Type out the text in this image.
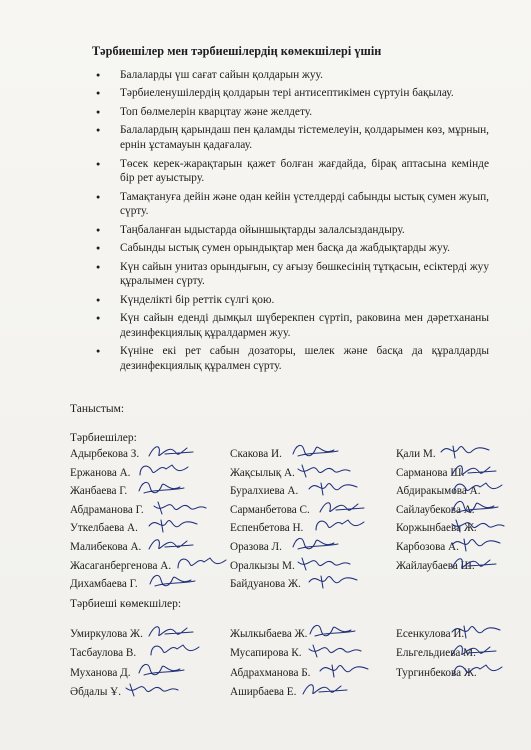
Тәрбиешілер мен тәрбиешілердің көмекшілері үшін
● Балаларды үш сағат сайын қолдарын жуу.
● Тәрбиеленушілердің қолдарын тері антисептикімен сүртуін бақылау.
● Топ бөлмелерін кварцтау және желдету.
● Балалардың қарындаш пен қаламды тістемелеуін, қолдарымен көз, мұрнын, ернін ұстамауын қадағалау.
● Төсек керек-жарақтарын қажет болған жағдайда, бірақ аптасына кемінде бір рет ауыстыру.
● Тамақтануға дейін және одан кейін үстелдерді сабынды ыстық сумен жуып, сүрту.
● Таңбаланған ыдыстарда ойыншықтарды залалсыздандыру.
● Сабынды ыстық сумен орындықтар мен басқа да жабдықтарды жуу.
● Күн сайын унитаз орындығын, су ағызу бөшкесінің тұтқасын, есіктерді жуу құралымен сүрту.
● Күнделікті бір реттік сүлгі қою.
● Күн сайын еденді дымқыл шүберекпен сүртіп, раковина мен дәретхананы дезинфекциялық құралдармен жуу.
● Күніне екі рет сабын дозаторы, шелек және басқа да құралдарды дезинфекциялық құралмен сүрту.
Таныстым:
Тәрбиешілер:
Адырбекова З.	Скакова И.	Қали М.
Ержанова А.	Жақсылық А.	Сарманова Ш.
Жанбаева Г.	Буралхиева А.	Абдиракымова А.
Абдраманова Г.	Сарманбетова С.	Сайлаубекова А.
Уткелбаева А.	Еспенбетова Н.	Коржынбаева Ж.
Малибекова А.	Оразова Л.	Карбозова А.
Жасаганбергенова А.	Оралкызы М.	Жайлаубаева Ш.
Дихамбаева Г.	Байдуанова Ж.
Тәрбиеші көмекшілер:
Умиркулова Ж.	Жылкыбаева Ж.	Есенкулова И.
Тасбаулова В.	Мусапирова К.	Ельгельдиева М.
Муханова Д.	Абдрахманова Б.	Тургинбекова Ж.
Әбдалы Ұ.	Аширбаева Е.
